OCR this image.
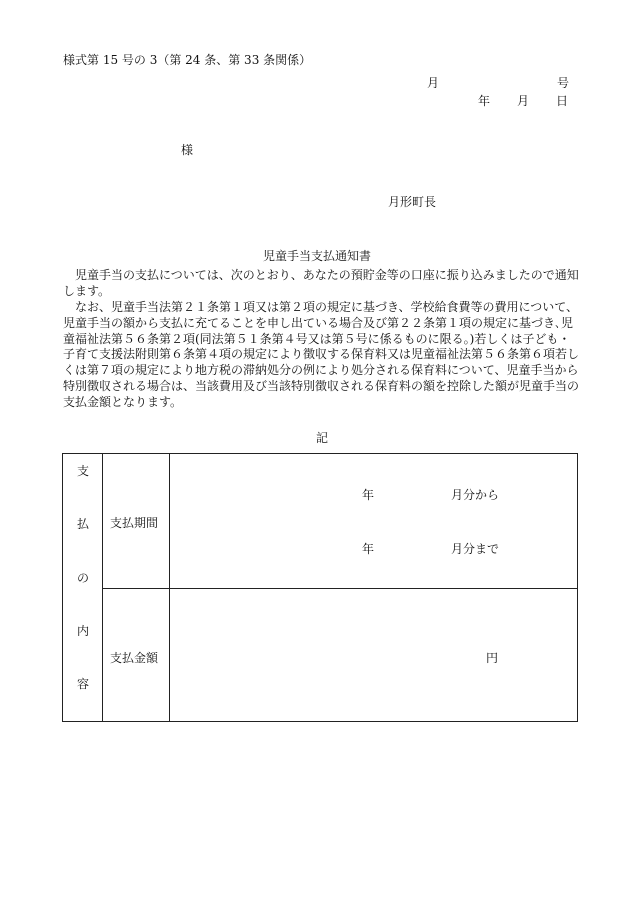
様式第 15 号の 3（第 24 条、第 33 条関係）
月	号
年 月 日
様
月形町長
児童手当支払通知書
　児童手当の支払については、次のとおり、あなたの預貯金等の口座に振り込みましたので通知します。
　なお、児童手当法第２１条第１項又は第２項の規定に基づき、学校給食費等の費用について、児童手当の額から支払に充てることを申し出ている場合及び第２２条第１項の規定に基づき､児童福祉法第５６条第２項(同法第５１条第４号又は第５号に係るものに限る。)若しくは子ども・子育て支援法附則第６条第４項の規定により徴収する保育料又は児童福祉法第５６条第６項若しくは第７項の規定により地方税の滞納処分の例により処分される保育料について、児童手当から特別徴収される場合は、当該費用及び当該特別徴収される保育料の額を控除した額が児童手当の支払金額となります。
記
支
払
の
内
容
支払期間
年	月分から
年	月分まで
支払金額	円
